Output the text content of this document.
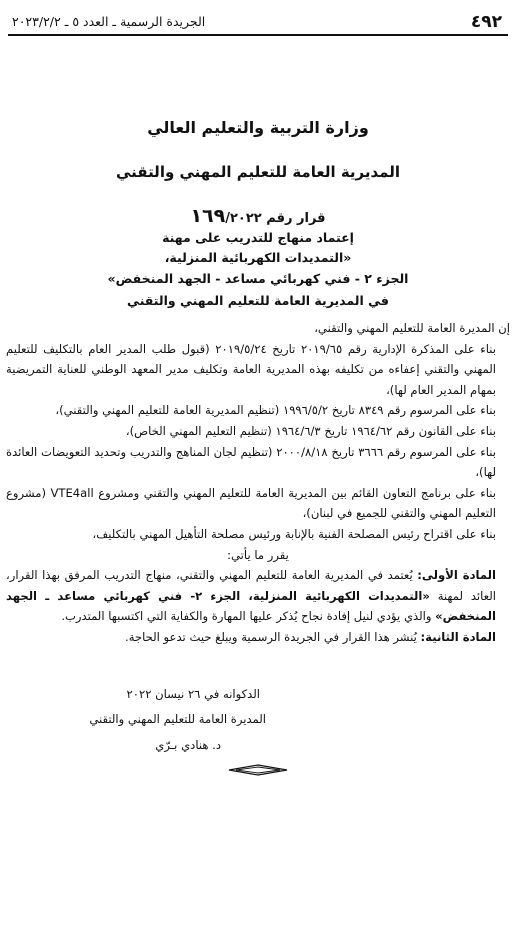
٤٩٢
الجريدة الرسمية ـ العدد ٥ ـ ٢٠٢٣/٢/٢
وزارة التربية والتعليم العالي
المديرية العامة للتعليم المهني والتقني
قرار رقم ١٦٩/٢٠٢٢
إعتماد منهاج للتدريب على مهنة
«التمديدات الكهربائية المنزلية،
الجزء ٢ - فني كهربائي مساعد - الجهد المنخفض»
في المديرية العامة للتعليم المهني والتقني

إن المديرة العامة للتعليم المهني والتقني،

بناء على المذكرة الإدارية رقم ٢٠١٩/٦٥ تاريخ ٢٠١٩/٥/٢٤ (قبول طلب المدير العام بالتكليف للتعليم المهني والتقني إعفاءه من تكليفه بهذه المديرية العامة وتكليف مدير المعهد الوطني للعناية التمريضية بمهام المدير العام لها)،

بناء على المرسوم رقم ٨٣٤٩ تاريخ ١٩٩٦/٥/٢ (تنظيم المديرية العامة للتعليم المهني والتقني)،

بناء على القانون رقم ١٩٦٤/٦٢ تاريخ ١٩٦٤/٦/٣ (تنظيم التعليم المهني الخاص)،

بناء على المرسوم رقم ٣٦٦٦ تاريخ ٢٠٠٠/٨/١٨ (تنظيم لجان المناهج والتدريب وتحديد التعويضات العائدة لها)،

بناء على برنامج التعاون القائم بين المديرية العامة للتعليم المهني والتقني ومشروع VTE4all (مشروع التعليم المهني والتقني للجميع في لبنان)،

بناء على اقتراح رئيس المصلحة الفنية بالإنابة ورئيس مصلحة التأهيل المهني بالتكليف،

يقرر ما يأتي:

المادة الأولى: يُعتمد في المديرية العامة للتعليم المهني والتقني، منهاج التدريب المرفق بهذا القرار، العائد لمهنة «التمديدات الكهربائية المنزلية، الجزء ٢- فني كهربائي مساعد ـ الجهد المنخفض» والذي يؤدي لنيل إفادة نجاح يُذكر عليها المهارة والكفاية التي اكتسبها المتدرب.

المادة الثانية: يُنشر هذا القرار في الجريدة الرسمية ويبلغ حيث تدعو الحاجة.

الدكوانه في ٢٦ نيسان ٢٠٢٢
المديرة العامة للتعليم المهني والتقني
د. هنادي بـرّي
